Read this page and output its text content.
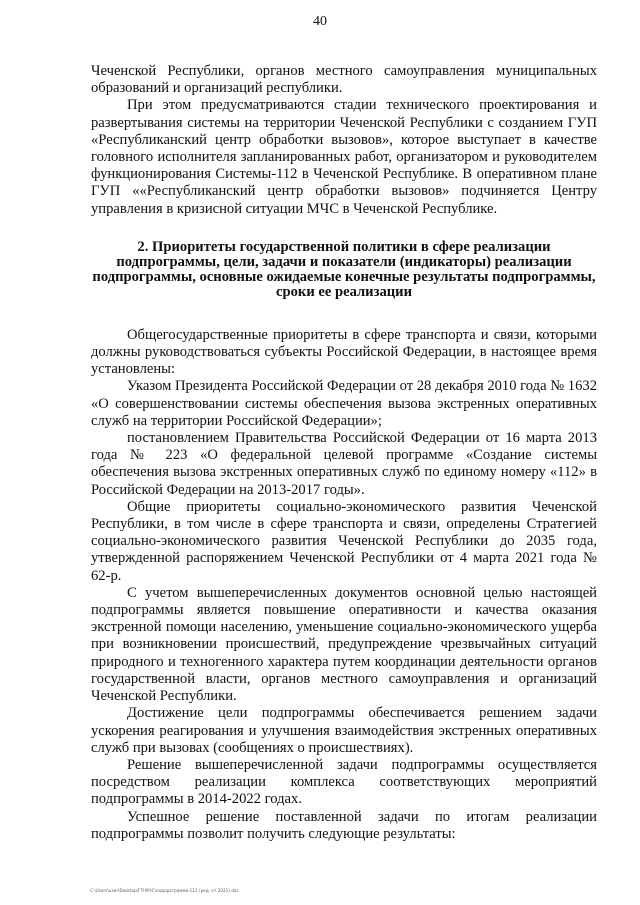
40

Чеченской Республики, органов местного самоуправления муниципальных образований и организаций республики.

При этом предусматриваются стадии технического проектирования и развертывания системы на территории Чеченской Республики с созданием ГУП «Республиканский центр обработки вызовов», которое выступает в качестве головного исполнителя запланированных работ, организатором и руководителем функционирования Системы-112 в Чеченской Республике. В оперативном плане ГУП ««Республиканский центр обработки вызовов» подчиняется Центру управления в кризисной ситуации МЧС в Чеченской Республике.

2. Приоритеты государственной политики в сфере реализации подпрограммы, цели, задачи и показатели (индикаторы) реализации подпрограммы, основные ожидаемые конечные результаты подпрограммы, сроки ее реализации

Общегосударственные приоритеты в сфере транспорта и связи, которыми должны руководствоваться субъекты Российской Федерации, в настоящее время установлены:

Указом Президента Российской Федерации от 28 декабря 2010 года № 1632 «О совершенствовании системы обеспечения вызова экстренных оперативных служб на территории Российской Федерации»;

постановлением Правительства Российской Федерации от 16 марта 2013 года № 223 «О федеральной целевой программе «Создание системы обеспечения вызова экстренных оперативных служб по единому номеру «112» в Российской Федерации на 2013-2017 годы».

Общие приоритеты социально-экономического развития Чеченской Республики, в том числе в сфере транспорта и связи, определены Стратегией социально-экономического развития Чеченской Республики до 2035 года, утвержденной распоряжением Чеченской Республики от 4 марта 2021 года № 62-р.

С учетом вышеперечисленных документов основной целью настоящей подпрограммы является повышение оперативности и качества оказания экстренной помощи населению, уменьшение социально-экономического ущерба при возникновении происшествий, предупреждение чрезвычайных ситуаций природного и техногенного характера путем координации деятельности органов государственной власти, органов местного самоуправления и организаций Чеченской Республики.

Достижение цели подпрограммы обеспечивается решением задачи ускорения реагирования и улучшения взаимодействия экстренных оперативных служб при вызовах (сообщениях о происшествиях).

Решение вышеперечисленной задачи подпрограммы осуществляется посредством реализации комплекса соответствующих мероприятий подпрограммы в 2014-2022 годах.

Успешное решение поставленной задачи по итогам реализации подпрограммы позволит получить следующие результаты:

C:\Users\user\Desktop\ГП МЧС\подпрограмма-112 (ред. от 2021).doc
